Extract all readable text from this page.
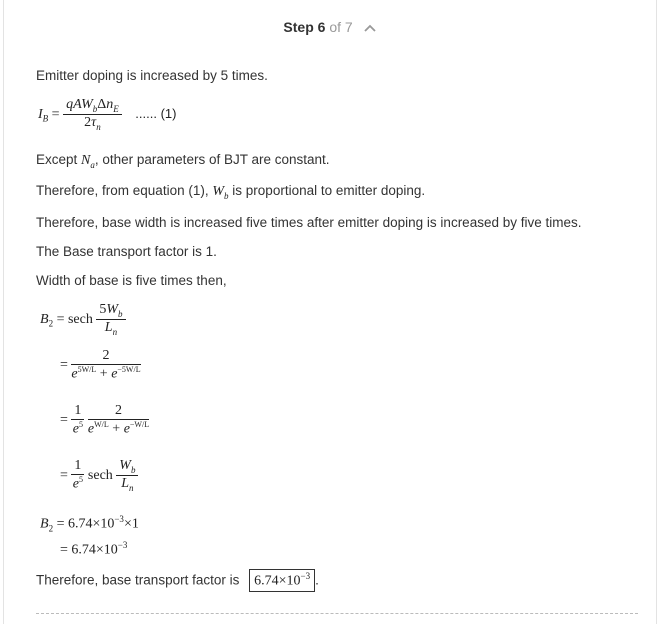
Step 6 of 7
Emitter doping is increased by 5 times.
$I_B = \frac{qAW_b\Delta n_E}{2\tau_n}$ ...... (1)
Except $N_a$, other parameters of BJT are constant.
Therefore, from equation (1), $W_b$ is proportional to emitter doping.
Therefore, base width is increased five times after emitter doping is increased by five times.
The Base transport factor is 1.
Width of base is five times then,
$B_2 = \sec h \frac{5W_b}{L_n}$
= $\frac{2}{e^{5W/L} + e^{-5W/L}}$
= $\frac{1}{e^5}$
$\frac{2}{e^{W/L} + e^{-W/L}}$
= $\frac{1}{e^5}$ sech $\frac{W_b}{L_n}$
$B_2 = 6.74\times 10^{-3}\times 1$
= $6.74\times 10^{-3}$
Therefore, base transport factor is $6.74\times 10^{-3}$ .
